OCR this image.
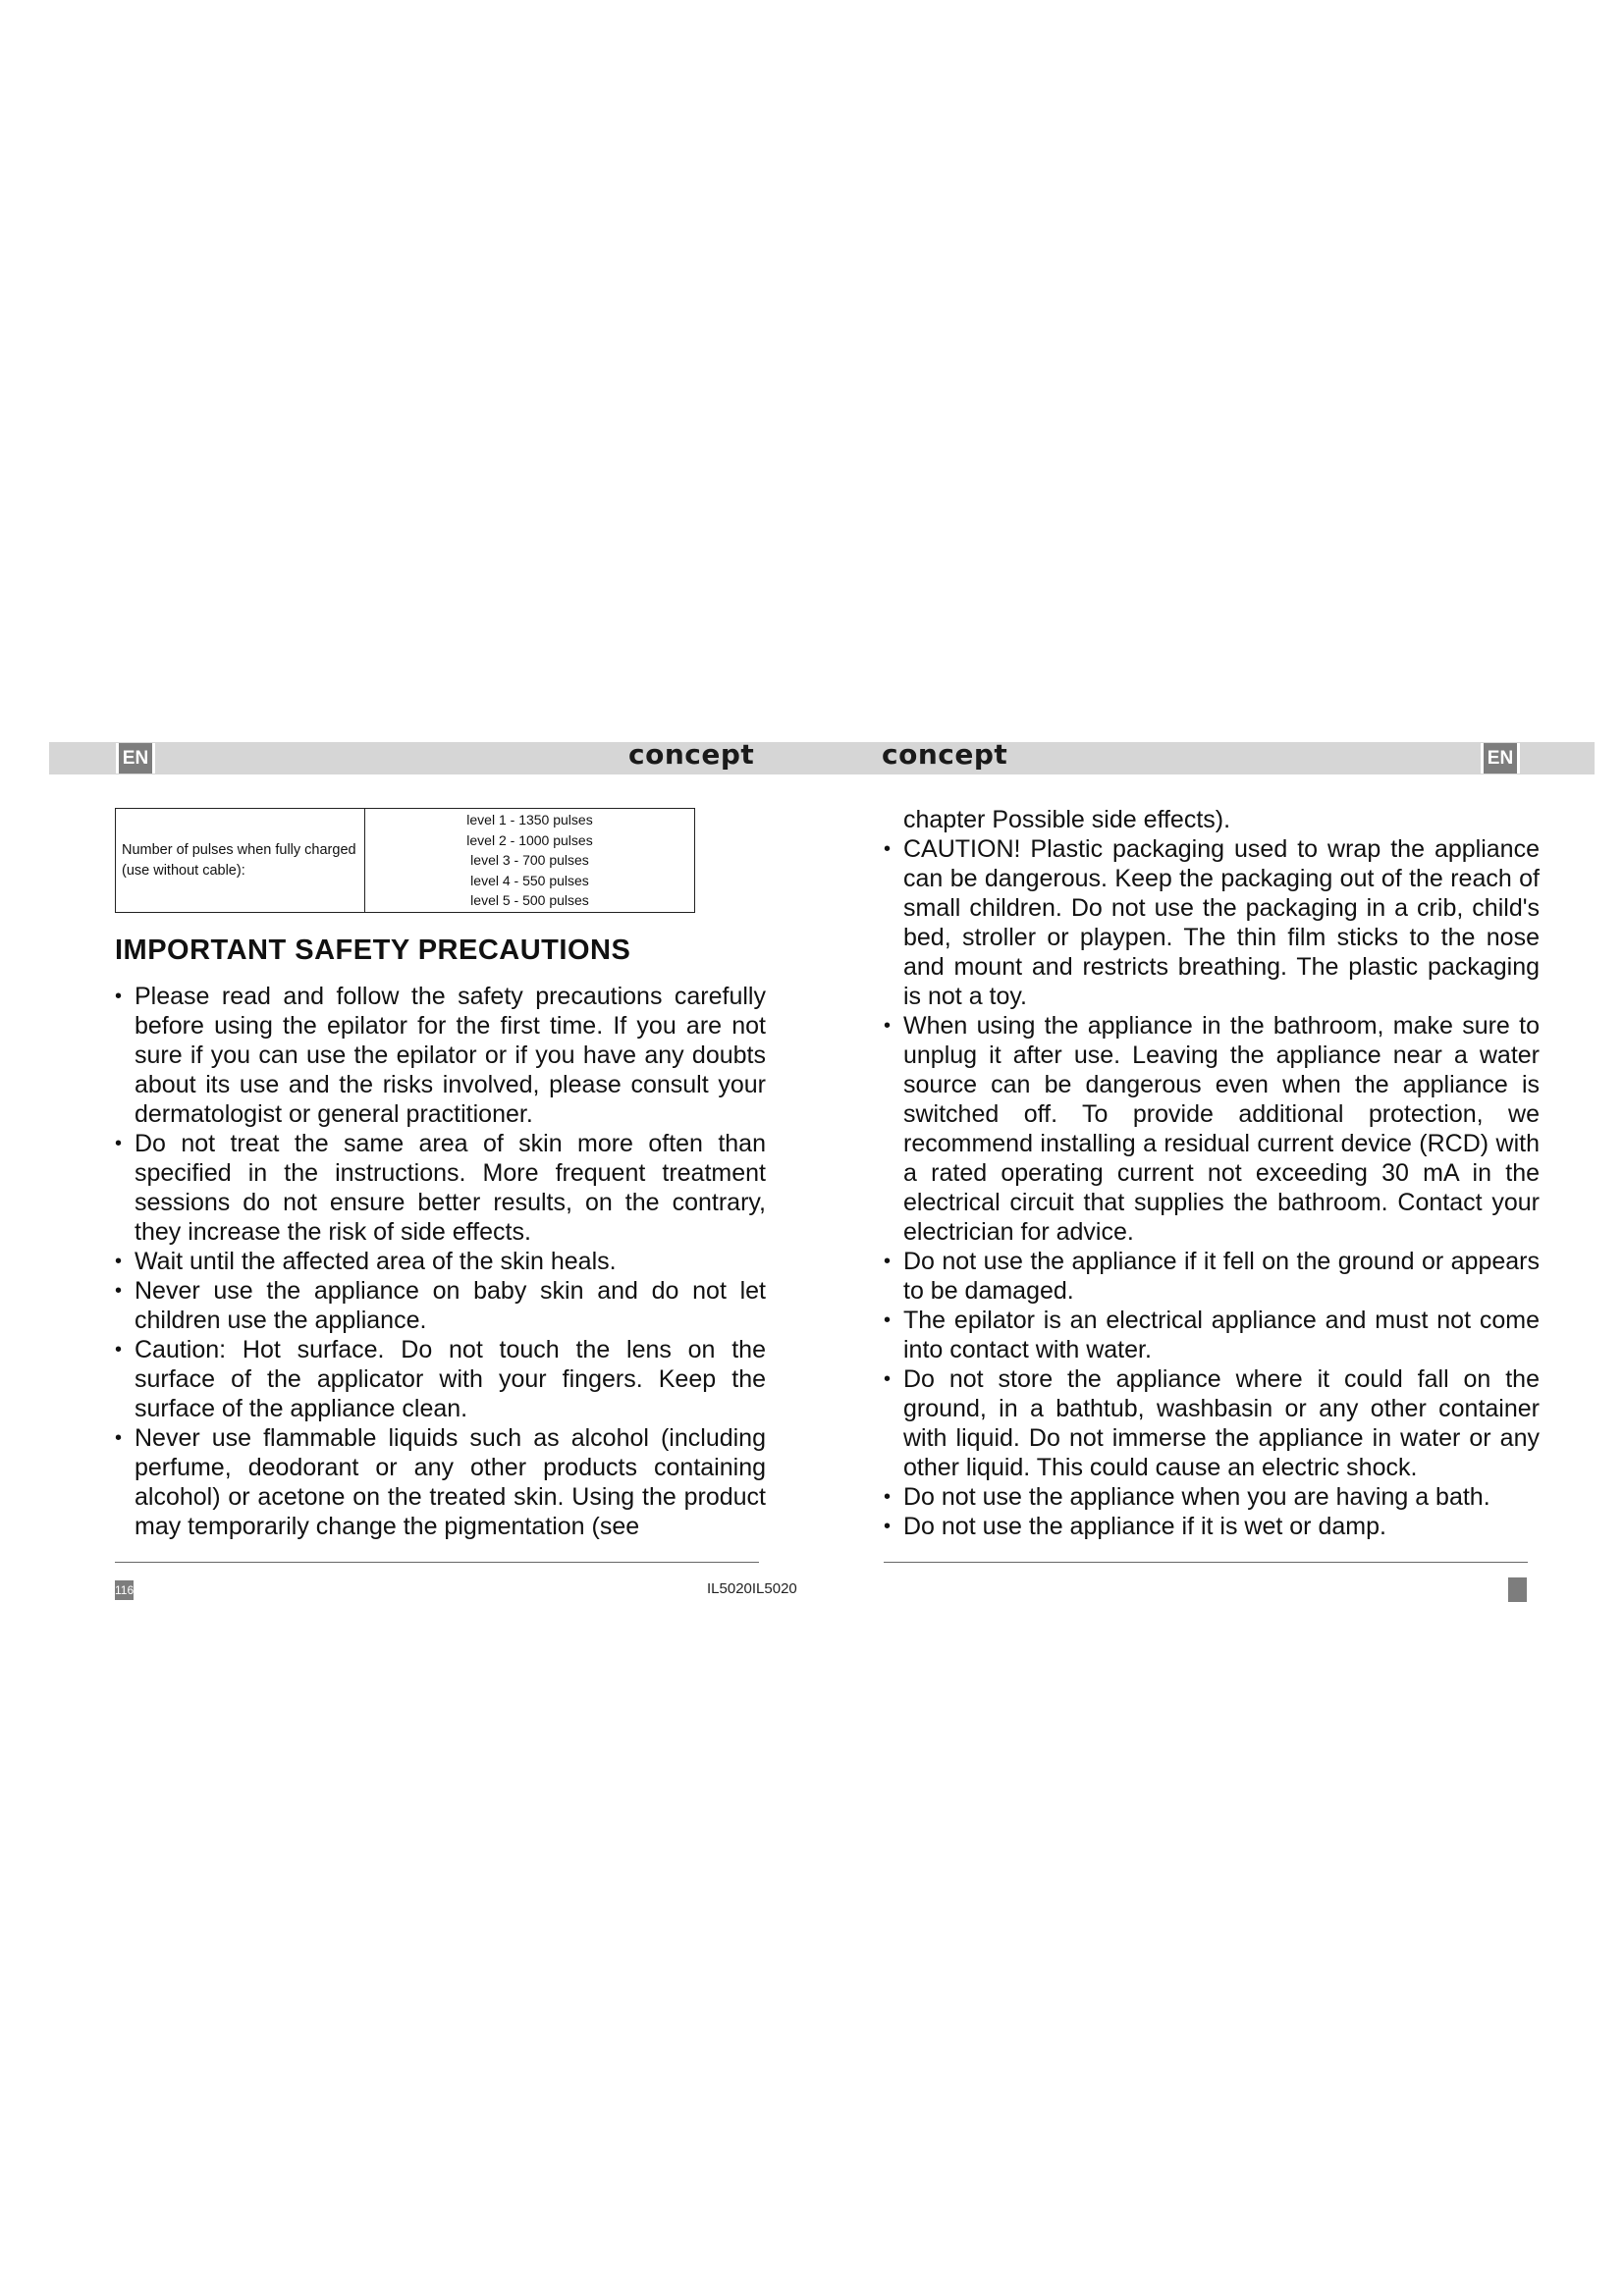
EN	concept	concept	EN
Number of pulses when fully charged (use without cable):	
level 1 - 1350 pulses
level 2 - 1000 pulses
level 3 - 700 pulses
level 4 - 550 pulses
level 5 - 500 pulses
IMPORTANT SAFETY PRECAUTIONS
• Please read and follow the safety precautions carefully before using the epilator for the first time. If you are not sure if you can use the epilator or if you have any doubts about its use and the risks involved, please consult your dermatologist or general practitioner.
• Do not treat the same area of skin more often than specified in the instructions. More frequent treatment sessions do not ensure better results, on the contrary, they increase the risk of side effects.
• Wait until the affected area of the skin heals.
• Never use the appliance on baby skin and do not let children use the appliance.
• Caution: Hot surface. Do not touch the lens on the surface of the applicator with your fingers. Keep the surface of the appliance clean.
• Never use flammable liquids such as alcohol (including perfume, deodorant or any other products containing alcohol) or acetone on the treated skin. Using the product may temporarily change the pigmentation (see
chapter Possible side effects).
• CAUTION! Plastic packaging used to wrap the appliance can be dangerous. Keep the packaging out of the reach of small children. Do not use the packaging in a crib, child's bed, stroller or playpen. The thin film sticks to the nose and mount and restricts breathing. The plastic packaging is not a toy.
• When using the appliance in the bathroom, make sure to unplug it after use. Leaving the appliance near a water source can be dangerous even when the appliance is switched off. To provide additional protection, we recommend installing a residual current device (RCD) with a rated operating current not exceeding 30 mA in the electrical circuit that supplies the bathroom. Contact your electrician for advice.
• Do not use the appliance if it fell on the ground or appears to be damaged.
• The epilator is an electrical appliance and must not come into contact with water.
• Do not store the appliance where it could fall on the ground, in a bathtub, washbasin or any other container with liquid. Do not immerse the appliance in water or any other liquid. This could cause an electric shock.
• Do not use the appliance when you are having a bath.
• Do not use the appliance if it is wet or damp.
116	IL5020IL5020
